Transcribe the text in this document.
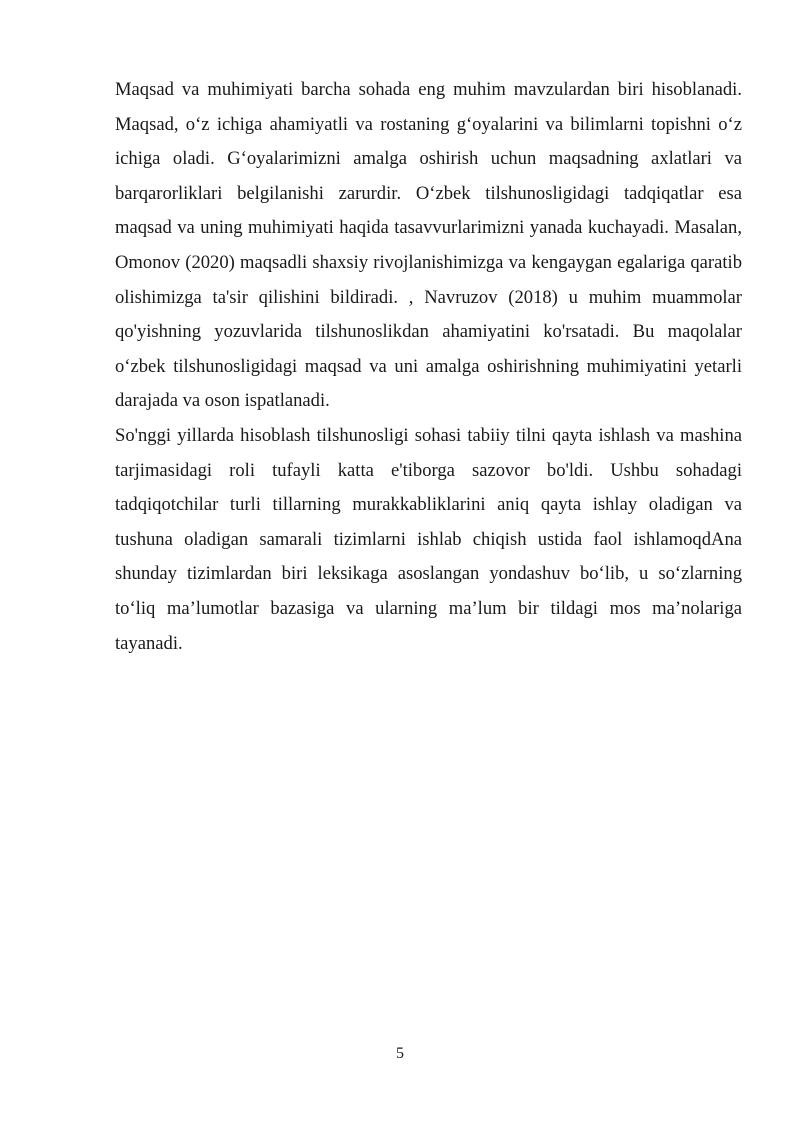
Maqsad va muhimiyati barcha sohada eng muhim mavzulardan biri hisoblanadi. Maqsad, oʻz ichiga ahamiyatli va rostaning gʻoyalarini va bilimlarni topishni oʻz ichiga oladi. Gʻoyalarimizni amalga oshirish uchun maqsadning axlatlari va barqarorliklari belgilanishi zarurdir. Oʻzbek tilshunosligidagi tadqiqatlar esa maqsad va uning muhimiyati haqida tasavvurlarimizni yanada kuchayadi. Masalan, Omonov (2020) maqsadli shaxsiy rivojlanishimizga va kengaygan egalariga qaratib olishimizga ta'sir qilishini bildiradi. , Navruzov (2018) u muhim muammolar qo'yishning yozuvlarida tilshunoslikdan ahamiyatini ko'rsatadi. Bu maqolalar oʻzbek tilshunosligidagi maqsad va uni amalga oshirishning muhimiyatini yetarli darajada va oson ispatlanadi.

So'nggi yillarda hisoblash tilshunosligi sohasi tabiiy tilni qayta ishlash va mashina tarjimasidagi roli tufayli katta e'tiborga sazovor bo'ldi. Ushbu sohadagi tadqiqotchilar turli tillarning murakkabliklarini aniq qayta ishlay oladigan va tushuna oladigan samarali tizimlarni ishlab chiqish ustida faol ishlamoqdAna shunday tizimlardan biri leksikaga asoslangan yondashuv boʻlib, u soʻzlarning toʻliq maʼlumotlar bazasiga va ularning maʼlum bir tildagi mos maʼnolariga tayanadi.

5
